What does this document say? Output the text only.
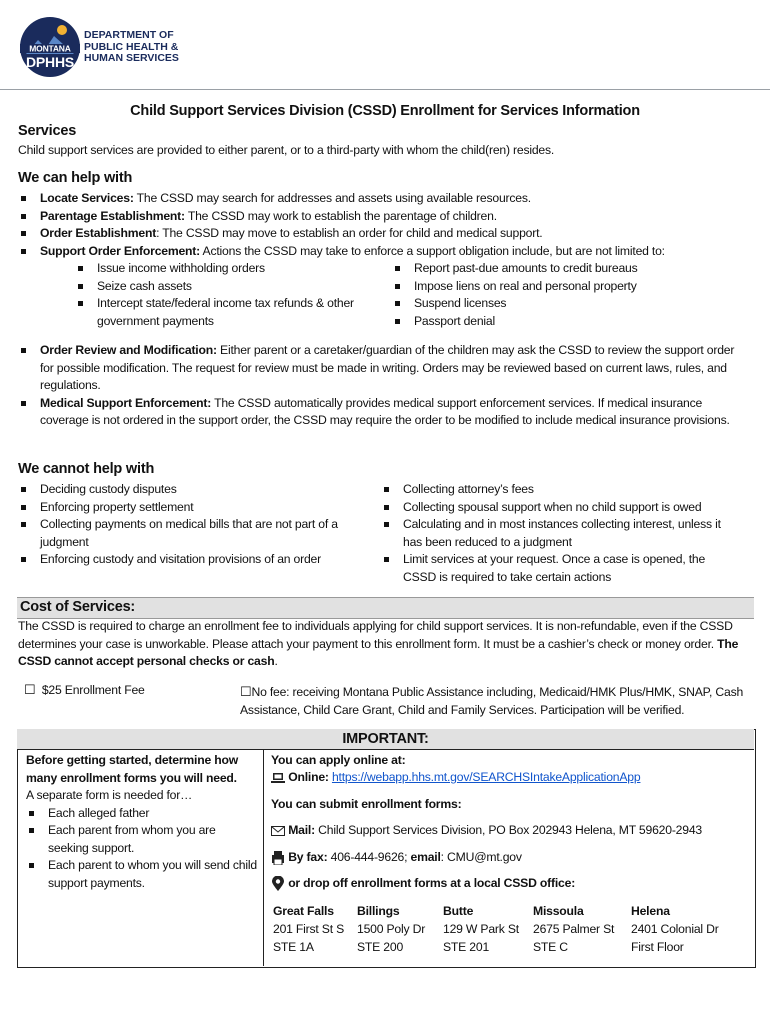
MONTANA
DPHHS
DEPARTMENT OF
PUBLIC HEALTH &
HUMAN SERVICES
Child Support Services Division (CSSD) Enrollment for Services Information
Services

Child support services are provided to either parent, or to a third-party with whom the child(ren) resides.

We can help with
Locate Services: The CSSD may search for addresses and assets using available resources.
Parentage Establishment: The CSSD may work to establish the parentage of children.
Order Establishment: The CSSD may move to establish an order for child and medical support.
Support Order Enforcement: Actions the CSSD may take to enforce a support obligation include, but are not limited to:
Issue income withholding orders
Seize cash assets
Intercept state/federal income tax refunds & other government payments
Report past-due amounts to credit bureaus
Impose liens on real and personal property
Suspend licenses
Passport denial
Order Review and Modification: Either parent or a caretaker/guardian of the children may ask the CSSD to review the support order for possible modification. The request for review must be made in writing. Orders may be reviewed based on current laws, rules, and regulations.
Medical Support Enforcement: The CSSD automatically provides medical support enforcement services. If medical insurance coverage is not ordered in the support order, the CSSD may require the order to be modified to include medical insurance provisions.
We cannot help with
Deciding custody disputes
Enforcing property settlement
Collecting payments on medical bills that are not part of a judgment
Enforcing custody and visitation provisions of an order
Collecting attorney’s fees
Collecting spousal support when no child support is owed
Calculating and in most instances collecting interest, unless it has been reduced to a judgment
Limit services at your request. Once a case is opened, the CSSD is required to take certain actions
Cost of Services:

The CSSD is required to charge an enrollment fee to individuals applying for child support services. It is non-refundable, even if the CSSD determines your case is unworkable. Please attach your payment to this enrollment form. It must be a cashier’s check or money order. The CSSD cannot accept personal checks or cash.

☐ $25 Enrollment Fee	☐No fee: receiving Montana Public Assistance including, Medicaid/HMK Plus/HMK, SNAP, Cash Assistance, Child Care Grant, Child and Family Services. Participation will be verified.
IMPORTANT:
Before getting started, determine how many enrollment forms you will need.
A separate form is needed for…
Each alleged father
Each parent from whom you are seeking support.
Each parent to whom you will send child support payments.
You can apply online at:
Online: https://webapp.hhs.mt.gov/SEARCHSIntakeApplicationApp
You can submit enrollment forms:
Mail: Child Support Services Division, PO Box 202943 Helena, MT 59620-2943
By fax: 406-444-9626; email: CMU@mt.gov
or drop off enrollment forms at a local CSSD office:
Great Falls
201 First St S
STE 1A
Billings
1500 Poly Dr
STE 200
Butte
129 W Park St
STE 201
Missoula
2675 Palmer St
STE C
Helena
2401 Colonial Dr
First Floor
